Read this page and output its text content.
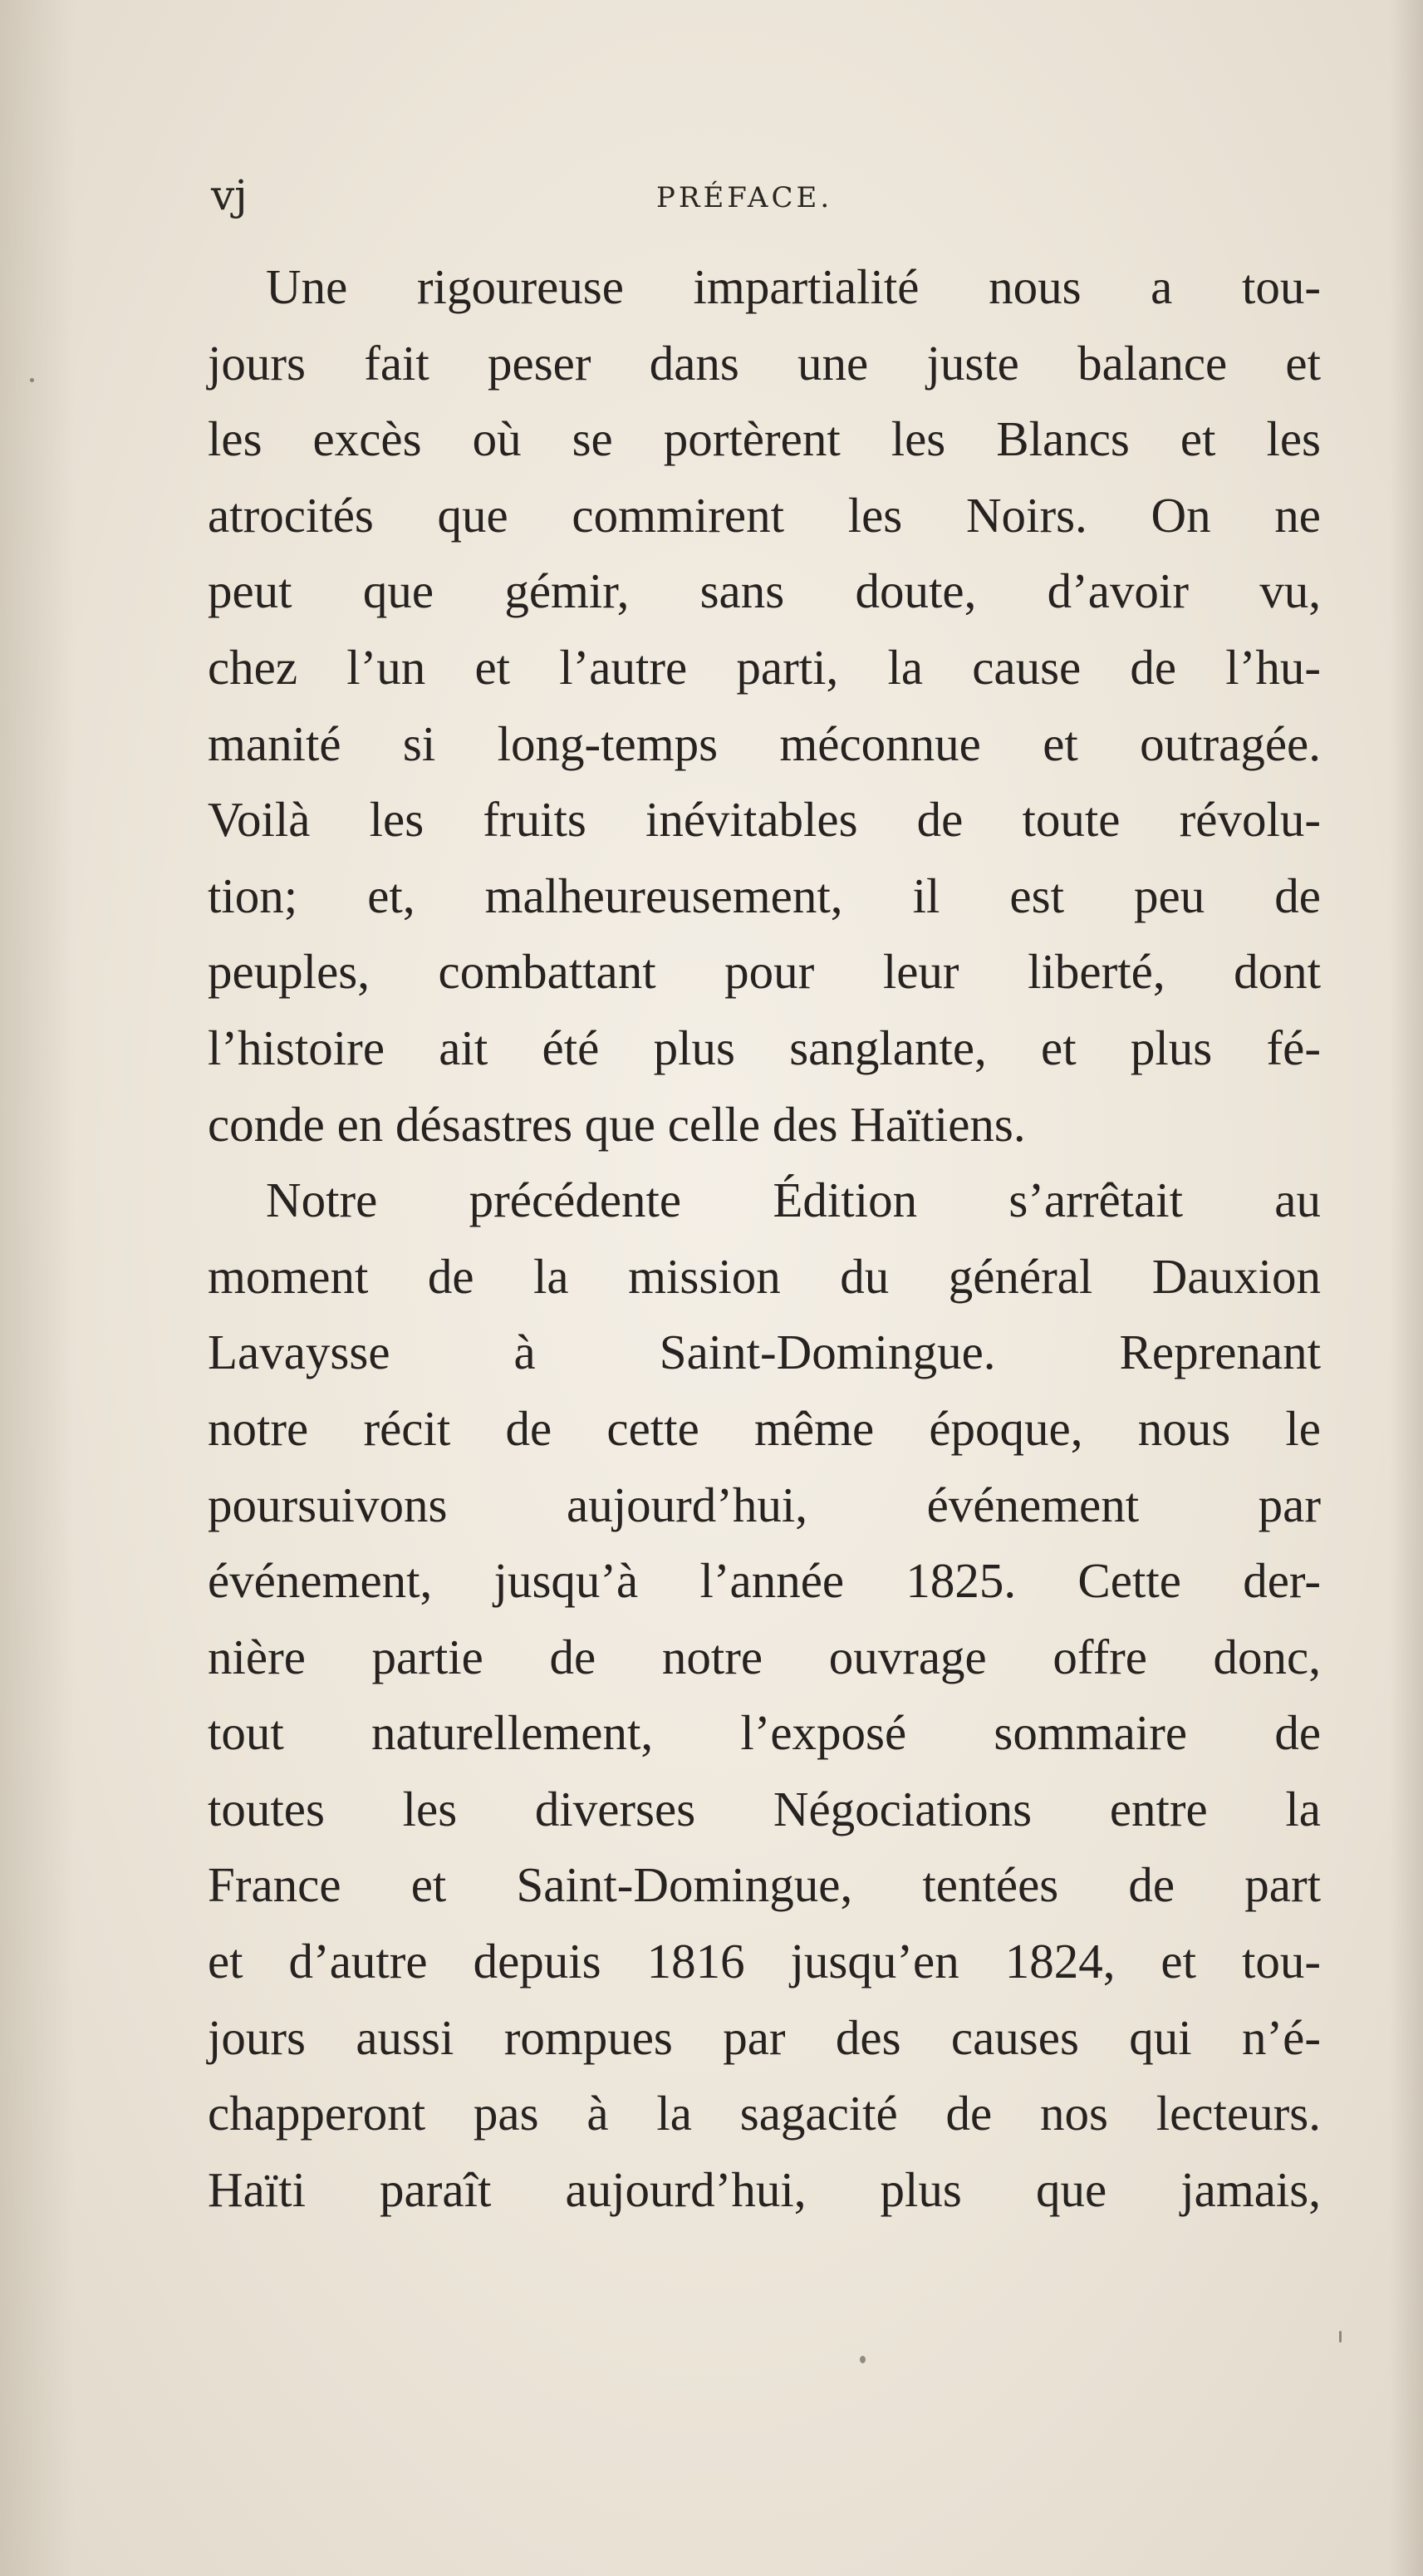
vj	PRÉFACE.
Une rigoureuse impartialité nous a tou-
jours fait peser dans une juste balance et
les excès où se portèrent les Blancs et les
atrocités que commirent les Noirs. On ne
peut que gémir, sans doute, d’avoir vu,
chez l’un et l’autre parti, la cause de l’hu-
manité si long-temps méconnue et outragée.
Voilà les fruits inévitables de toute révolu-
tion; et, malheureusement, il est peu de
peuples, combattant pour leur liberté, dont
l’histoire ait été plus sanglante, et plus fé-
conde en désastres que celle des Haïtiens.
Notre précédente Édition s’arrêtait au
moment de la mission du général Dauxion
Lavaysse à Saint-Domingue. Reprenant
notre récit de cette même époque, nous le
poursuivons aujourd’hui, événement par
événement, jusqu’à l’année 1825. Cette der-
nière partie de notre ouvrage offre donc,
tout naturellement, l’exposé sommaire de
toutes les diverses Négociations entre la
France et Saint-Domingue, tentées de part
et d’autre depuis 1816 jusqu’en 1824, et tou-
jours aussi rompues par des causes qui n’é-
chapperont pas à la sagacité de nos lecteurs.
Haïti paraît aujourd’hui, plus que jamais,
